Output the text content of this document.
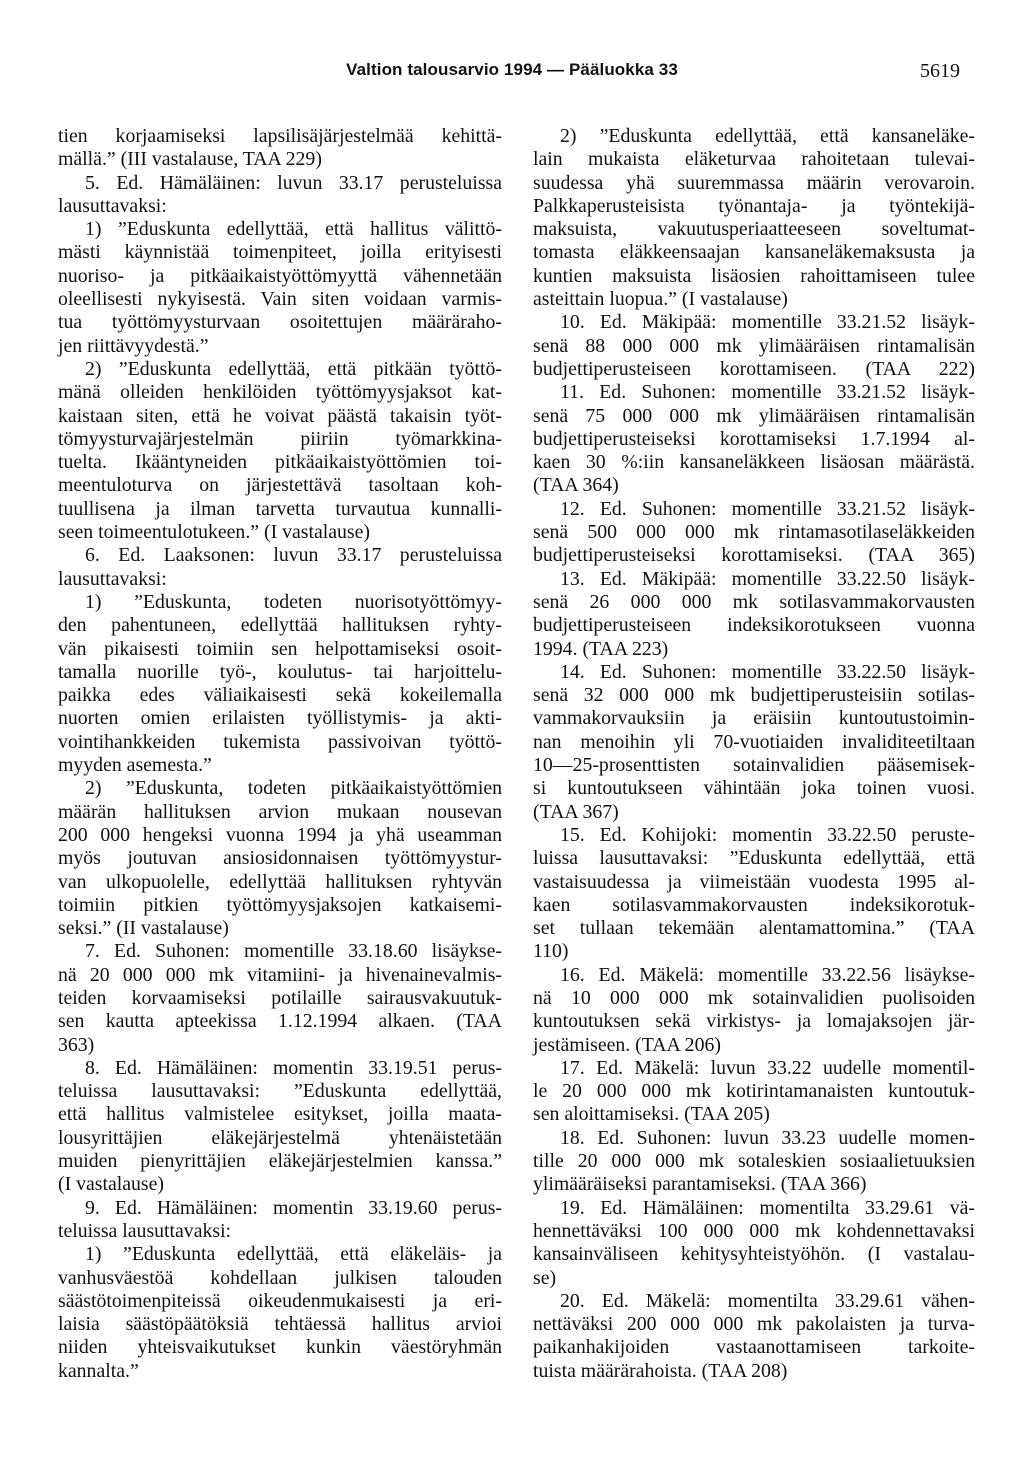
Valtion talousarvio 1994 — Pääluokka 33	5619
tien korjaamiseksi lapsilisäjärjestelmää kehittä-
mällä.” (III vastalause, TAA 229)
5. Ed. Hämäläinen: luvun 33.17 perusteluissa
lausuttavaksi:
1) ”Eduskunta edellyttää, että hallitus välittö-
mästi käynnistää toimenpiteet, joilla erityisesti
nuoriso- ja pitkäaikaistyöttömyyttä vähennetään
oleellisesti nykyisestä. Vain siten voidaan varmis-
tua työttömyysturvaan osoitettujen määräraho-
jen riittävyydestä.”
2) ”Eduskunta edellyttää, että pitkään työttö-
mänä olleiden henkilöiden työttömyysjaksot kat-
kaistaan siten, että he voivat päästä takaisin työt-
tömyysturvajärjestelmän piiriin työmarkkina-
tuelta. Ikääntyneiden pitkäaikaistyöttömien toi-
meentuloturva on järjestettävä tasoltaan koh-
tuullisena ja ilman tarvetta turvautua kunnalli-
seen toimeentulotukeen.” (I vastalause)
6. Ed. Laaksonen: luvun 33.17 perusteluissa
lausuttavaksi:
1) ”Eduskunta, todeten nuorisotyöttömyy-
den pahentuneen, edellyttää hallituksen ryhty-
vän pikaisesti toimiin sen helpottamiseksi osoit-
tamalla nuorille työ-, koulutus- tai harjoittelu-
paikka edes väliaikaisesti sekä kokeilemalla
nuorten omien erilaisten työllistymis- ja akti-
vointihankkeiden tukemista passivoivan työttö-
myyden asemesta.”
2) ”Eduskunta, todeten pitkäaikaistyöttömien
määrän hallituksen arvion mukaan nousevan
200 000 hengeksi vuonna 1994 ja yhä useamman
myös joutuvan ansiosidonnaisen työttömyystur-
van ulkopuolelle, edellyttää hallituksen ryhtyvän
toimiin pitkien työttömyysjaksojen katkaisemi-
seksi.” (II vastalause)
7. Ed. Suhonen: momentille 33.18.60 lisäykse-
nä 20 000 000 mk vitamiini- ja hivenainevalmis-
teiden korvaamiseksi potilaille sairausvakuutuk-
sen kautta apteekissa 1.12.1994 alkaen. (TAA
363)
8. Ed. Hämäläinen: momentin 33.19.51 perus-
teluissa lausuttavaksi: ”Eduskunta edellyttää,
että hallitus valmistelee esitykset, joilla maata-
lousyrittäjien eläkejärjestelmä yhtenäistetään
muiden pienyrittäjien eläkejärjestelmien kanssa.”
(I vastalause)
9. Ed. Hämäläinen: momentin 33.19.60 perus-
teluissa lausuttavaksi:
1) ”Eduskunta edellyttää, että eläkeläis- ja
vanhusväestöä kohdellaan julkisen talouden
säästötoimenpiteissä oikeudenmukaisesti ja eri-
laisia säästöpäätöksiä tehtäessä hallitus arvioi
niiden yhteisvaikutukset kunkin väestöryhmän
kannalta.”
2) ”Eduskunta edellyttää, että kansaneläke-
lain mukaista eläketurvaa rahoitetaan tulevai-
suudessa yhä suuremmassa määrin verovaroin.
Palkkaperusteisista työnantaja- ja työntekijä-
maksuista, vakuutusperiaatteeseen soveltumat-
tomasta eläkkeensaajan kansaneläkemaksusta ja
kuntien maksuista lisäosien rahoittamiseen tulee
asteittain luopua.” (I vastalause)
10. Ed. Mäkipää: momentille 33.21.52 lisäyk-
senä 88 000 000 mk ylimääräisen rintamalisän
budjettiperusteiseen korottamiseen. (TAA 222)
11. Ed. Suhonen: momentille 33.21.52 lisäyk-
senä 75 000 000 mk ylimääräisen rintamalisän
budjettiperusteiseksi korottamiseksi 1.7.1994 al-
kaen 30 %:iin kansaneläkkeen lisäosan määrästä.
(TAA 364)
12. Ed. Suhonen: momentille 33.21.52 lisäyk-
senä 500 000 000 mk rintamasotilaseläkkeiden
budjettiperusteiseksi korottamiseksi. (TAA 365)
13. Ed. Mäkipää: momentille 33.22.50 lisäyk-
senä 26 000 000 mk sotilasvammakorvausten
budjettiperusteiseen indeksikorotukseen vuonna
1994. (TAA 223)
14. Ed. Suhonen: momentille 33.22.50 lisäyk-
senä 32 000 000 mk budjettiperusteisiin sotilas-
vammakorvauksiin ja eräisiin kuntoutustoimin-
nan menoihin yli 70-vuotiaiden invaliditeetiltaan
10—25-prosenttisten sotainvalidien pääsemisek-
si kuntoutukseen vähintään joka toinen vuosi.
(TAA 367)
15. Ed. Kohijoki: momentin 33.22.50 peruste-
luissa lausuttavaksi: ”Eduskunta edellyttää, että
vastaisuudessa ja viimeistään vuodesta 1995 al-
kaen sotilasvammakorvausten indeksikorotuk-
set tullaan tekemään alentamattomina.” (TAA
110)
16. Ed. Mäkelä: momentille 33.22.56 lisäykse-
nä 10 000 000 mk sotainvalidien puolisoiden
kuntoutuksen sekä virkistys- ja lomajaksojen jär-
jestämiseen. (TAA 206)
17. Ed. Mäkelä: luvun 33.22 uudelle momentil-
le 20 000 000 mk kotirintamanaisten kuntoutuk-
sen aloittamiseksi. (TAA 205)
18. Ed. Suhonen: luvun 33.23 uudelle momen-
tille 20 000 000 mk sotaleskien sosiaalietuuksien
ylimääräiseksi parantamiseksi. (TAA 366)
19. Ed. Hämäläinen: momentilta 33.29.61 vä-
hennettäväksi 100 000 000 mk kohdennettavaksi
kansainväliseen kehitysyhteistyöhön. (I vastalau-
se)
20. Ed. Mäkelä: momentilta 33.29.61 vähen-
nettäväksi 200 000 000 mk pakolaisten ja turva-
paikanhakijoiden vastaanottamiseen tarkoite-
tuista määrärahoista. (TAA 208)
